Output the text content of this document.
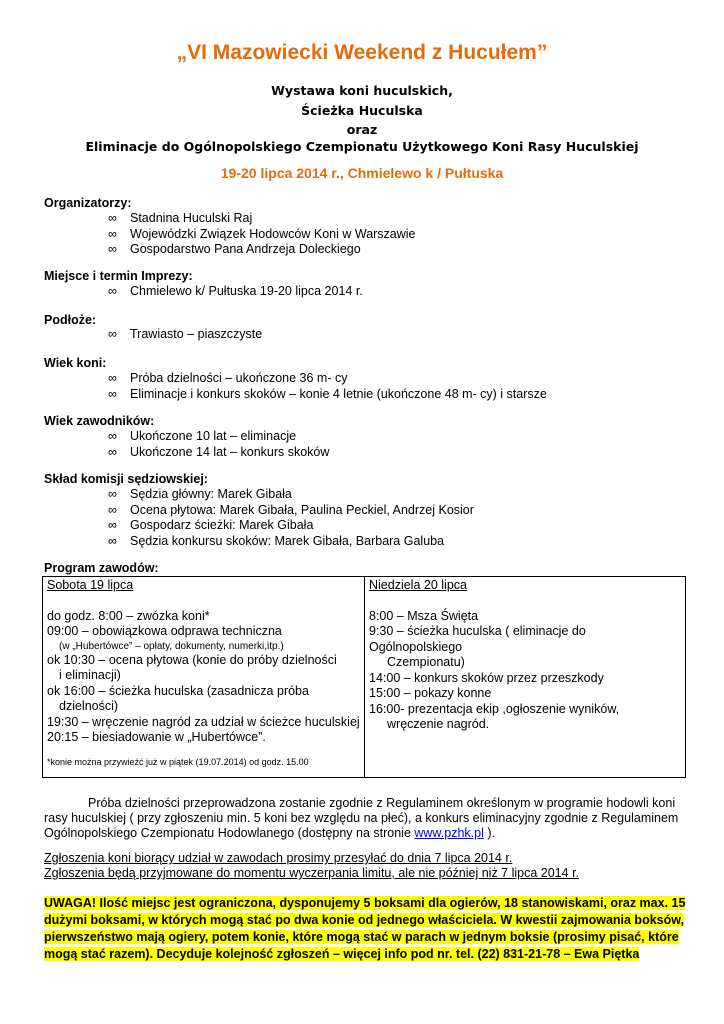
„VI Mazowiecki Weekend z Hucułem”
Wystawa koni huculskich,
Ścieżka Huculska
oraz
Eliminacje do Ogólnopolskiego Czempionatu Użytkowego Koni Rasy Huculskiej
19-20 lipca 2014 r., Chmielewo k / Pułtuska
Organizatorzy:
∞ Stadnina Huculski Raj
∞ Wojewódzki Związek Hodowców Koni w Warszawie
∞ Gospodarstwo Pana Andrzeja Doleckiego
Miejsce i termin Imprezy:
∞ Chmielewo k/ Pułtuska 19-20 lipca 2014 r.
Podłoże:
∞ Trawiasto – piaszczyste
Wiek koni:
∞ Próba dzielności – ukończone 36 m- cy
∞ Eliminacje i konkurs skoków – konie 4 letnie (ukończone 48 m- cy) i starsze
Wiek zawodników:
∞ Ukończone 10 lat – eliminacje
∞ Ukończone 14 lat – konkurs skoków
Skład komisji sędziowskiej:
∞ Sędzia główny: Marek Gibała
∞ Ocena płytowa: Marek Gibała, Paulina Peckiel, Andrzej Kosior
∞ Gospodarz ścieżki: Marek Gibała
∞ Sędzia konkursu skoków: Marek Gibała, Barbara Galuba
Program zawodów:
Sobota 19 lipca
do godz. 8:00 – zwózka koni*
09:00 – obowiązkowa odprawa techniczna
(w „Hubertówce” – opłaty, dokumenty, numerki,itp.)
ok 10:30 – ocena płytowa (konie do próby dzielności
i eliminacji)
ok 16:00 – ścieżka huculska (zasadnicza próba
dzielności)
19:30 – wręczenie nagród za udział w ścieżce huculskiej
20:15 – biesiadowanie w „Hubertówce”.
*konie można przywieźć już w piątek (19.07.2014) od godz. 15.00

Niedziela 20 lipca
8:00 – Msza Święta
9:30 – ścieżka huculska ( eliminacje do Ogólnopolskiego
Czempionatu)
14:00 – konkurs skoków przez przeszkody
15:00 – pokazy konne
16:00- prezentacja ekip ,ogłoszenie wyników,
wręczenie nagród.
Próba dzielności przeprowadzona zostanie zgodnie z Regulaminem określonym w programie hodowli koni rasy huculskiej ( przy zgłoszeniu min. 5 koni bez względu na płeć), a konkurs eliminacyjny zgodnie z Regulaminem Ogólnopolskiego Czempionatu Hodowlanego (dostępny na stronie www.pzhk.pl ).
Zgłoszenia koni biorący udział w zawodach prosimy przesyłać do dnia 7 lipca 2014 r.
Zgłoszenia będą przyjmowane do momentu wyczerpania limitu, ale nie później niż 7 lipca 2014 r.
UWAGA! Ilość miejsc jest ograniczona, dysponujemy 5 boksami dla ogierów, 18 stanowiskami, oraz max. 15 dużymi boksami, w których mogą stać po dwa konie od jednego właściciela. W kwestii zajmowania boksów, pierwszeństwo mają ogiery, potem konie, które mogą stać w parach w jednym boksie (prosimy pisać, które mogą stać razem). Decyduje kolejność zgłoszeń – więcej info pod nr. tel. (22) 831-21-78 – Ewa Piętka
